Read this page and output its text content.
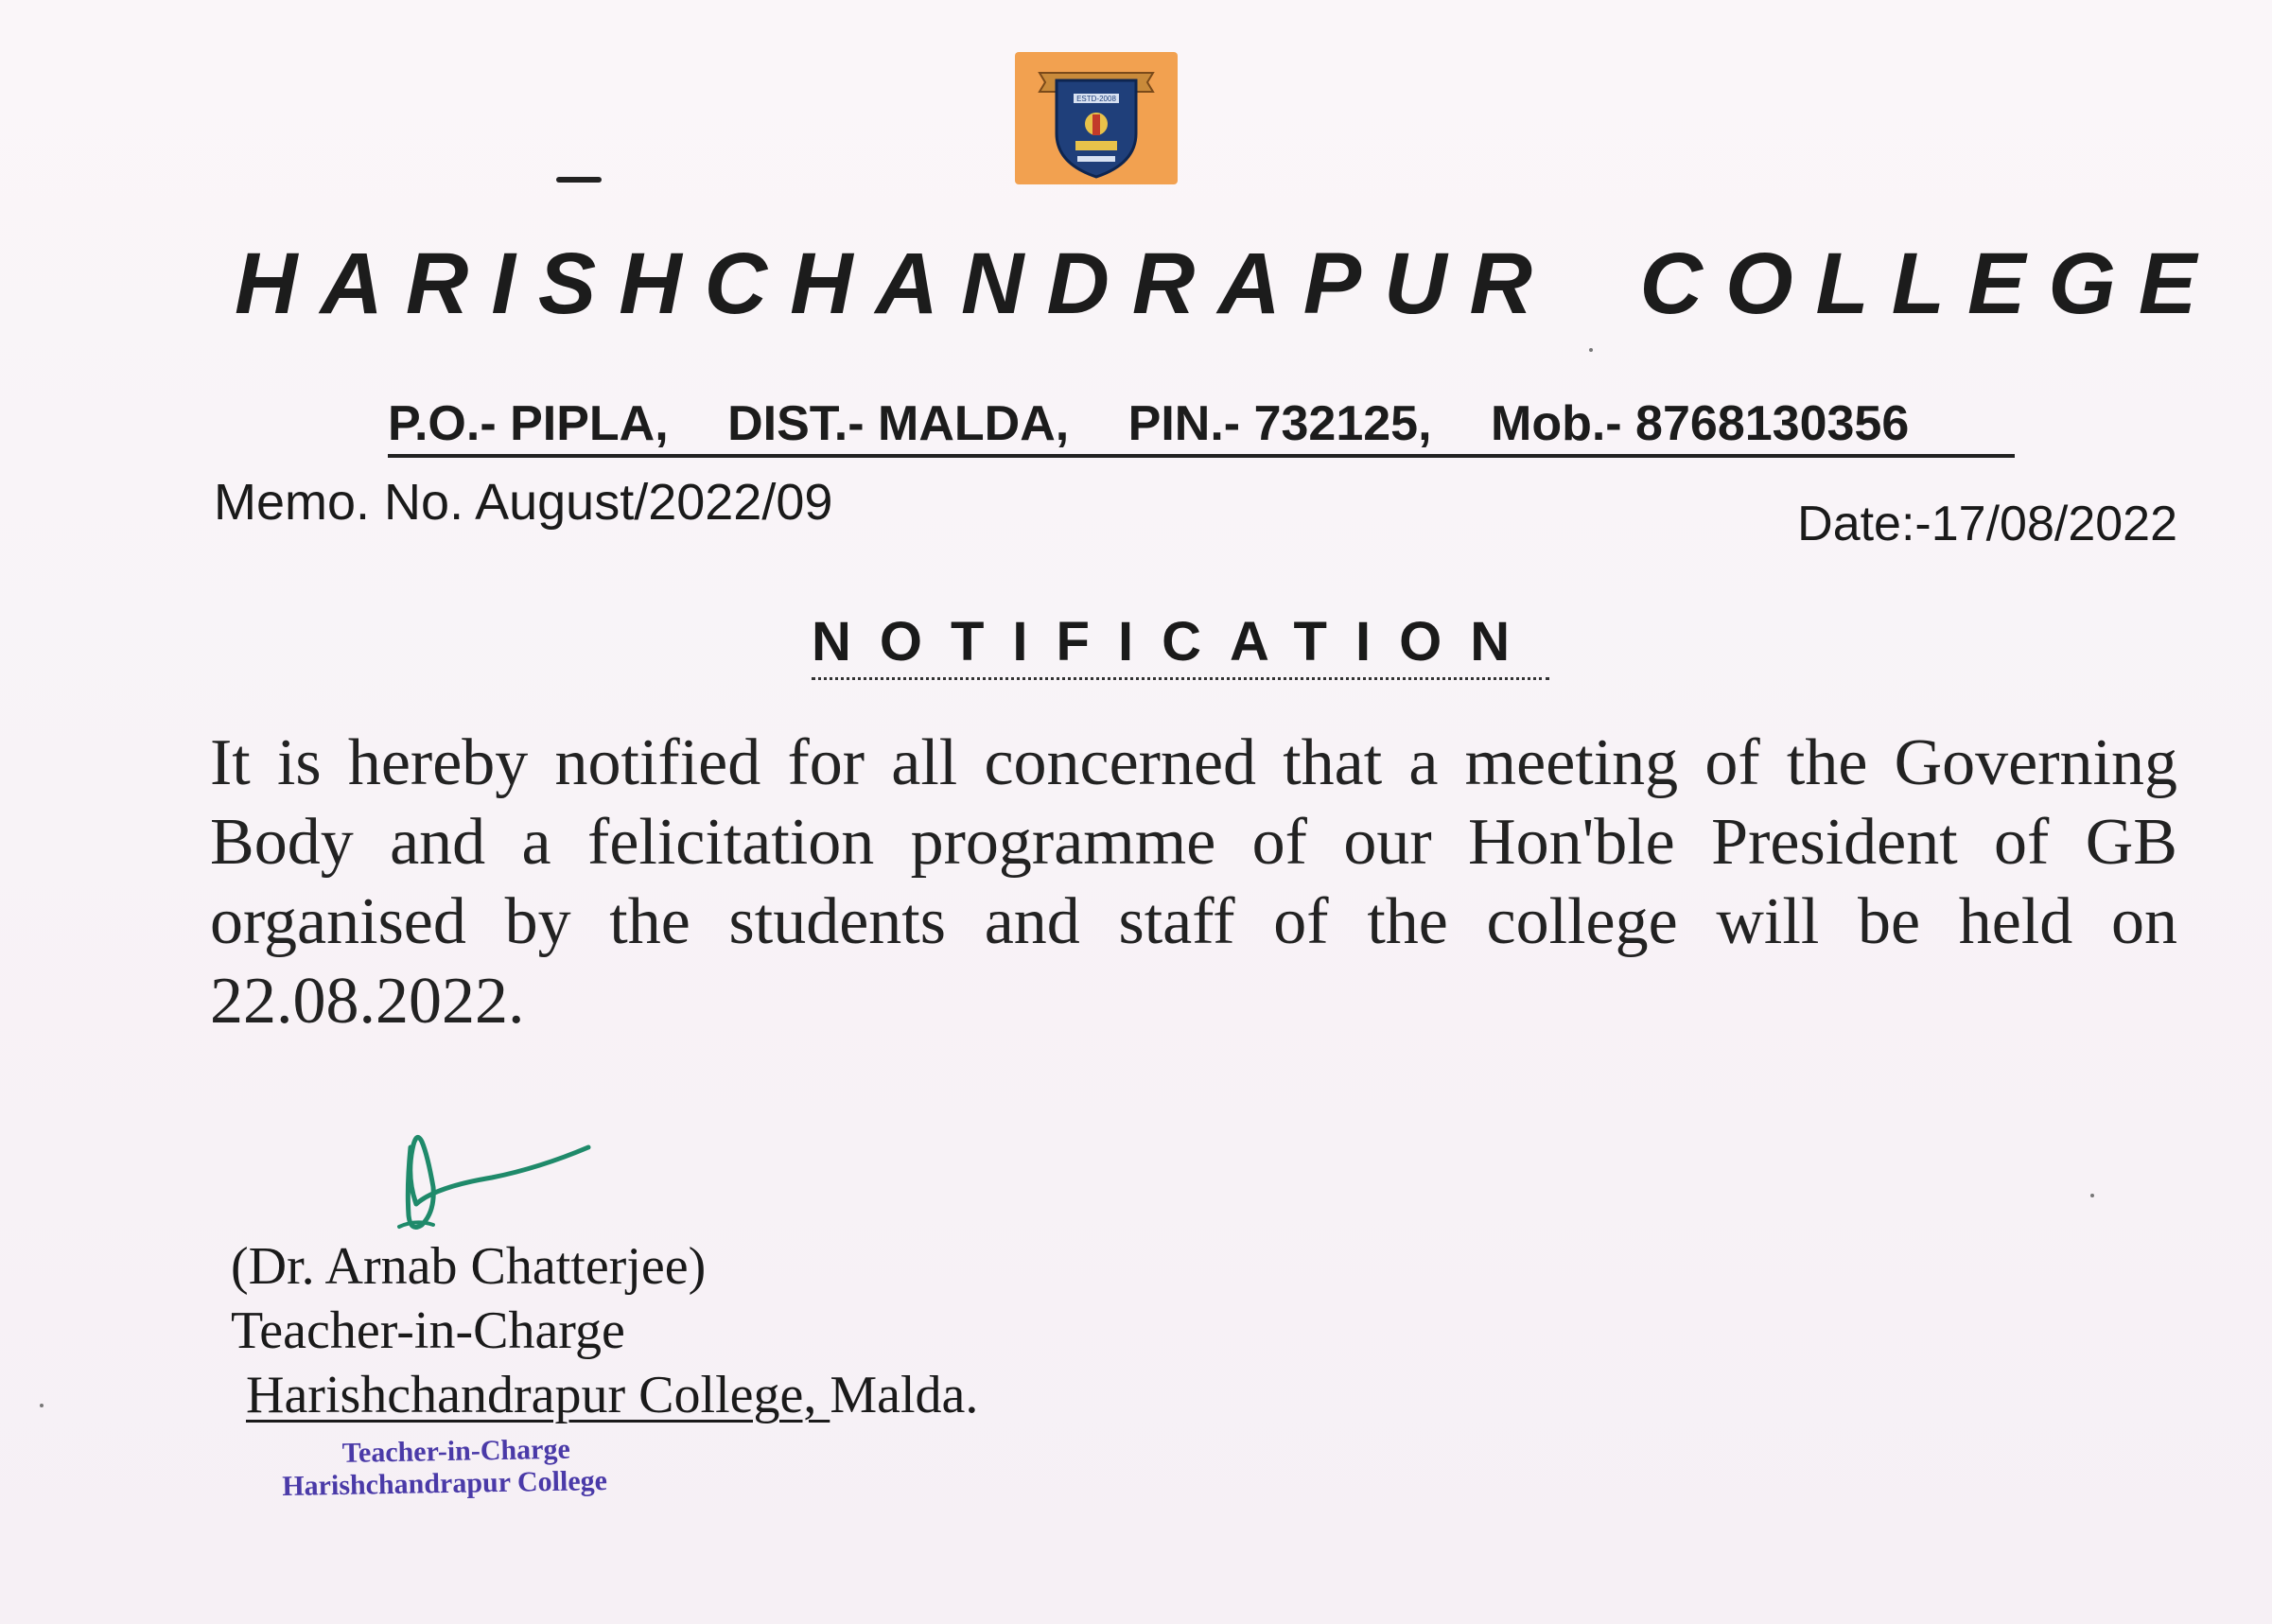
ESTD-2008
HARISHCHANDRAPUR COLLEGE
P.O.- PIPLA, DIST.- MALDA, PIN.- 732125, Mob.- 8768130356
Memo. No. August/2022/09	Date:-17/08/2022
NOTIFICATION
It is hereby notified for all concerned that a meeting of the Governing Body and a felicitation programme of our Hon'ble President of GB organised by the students and staff of the college will be held on 22.08.2022.
(Dr. Arnab Chatterjee)
Teacher-in-Charge
Harishchandrapur College, Malda.
Teacher-in-Charge
Harishchandrapur College
